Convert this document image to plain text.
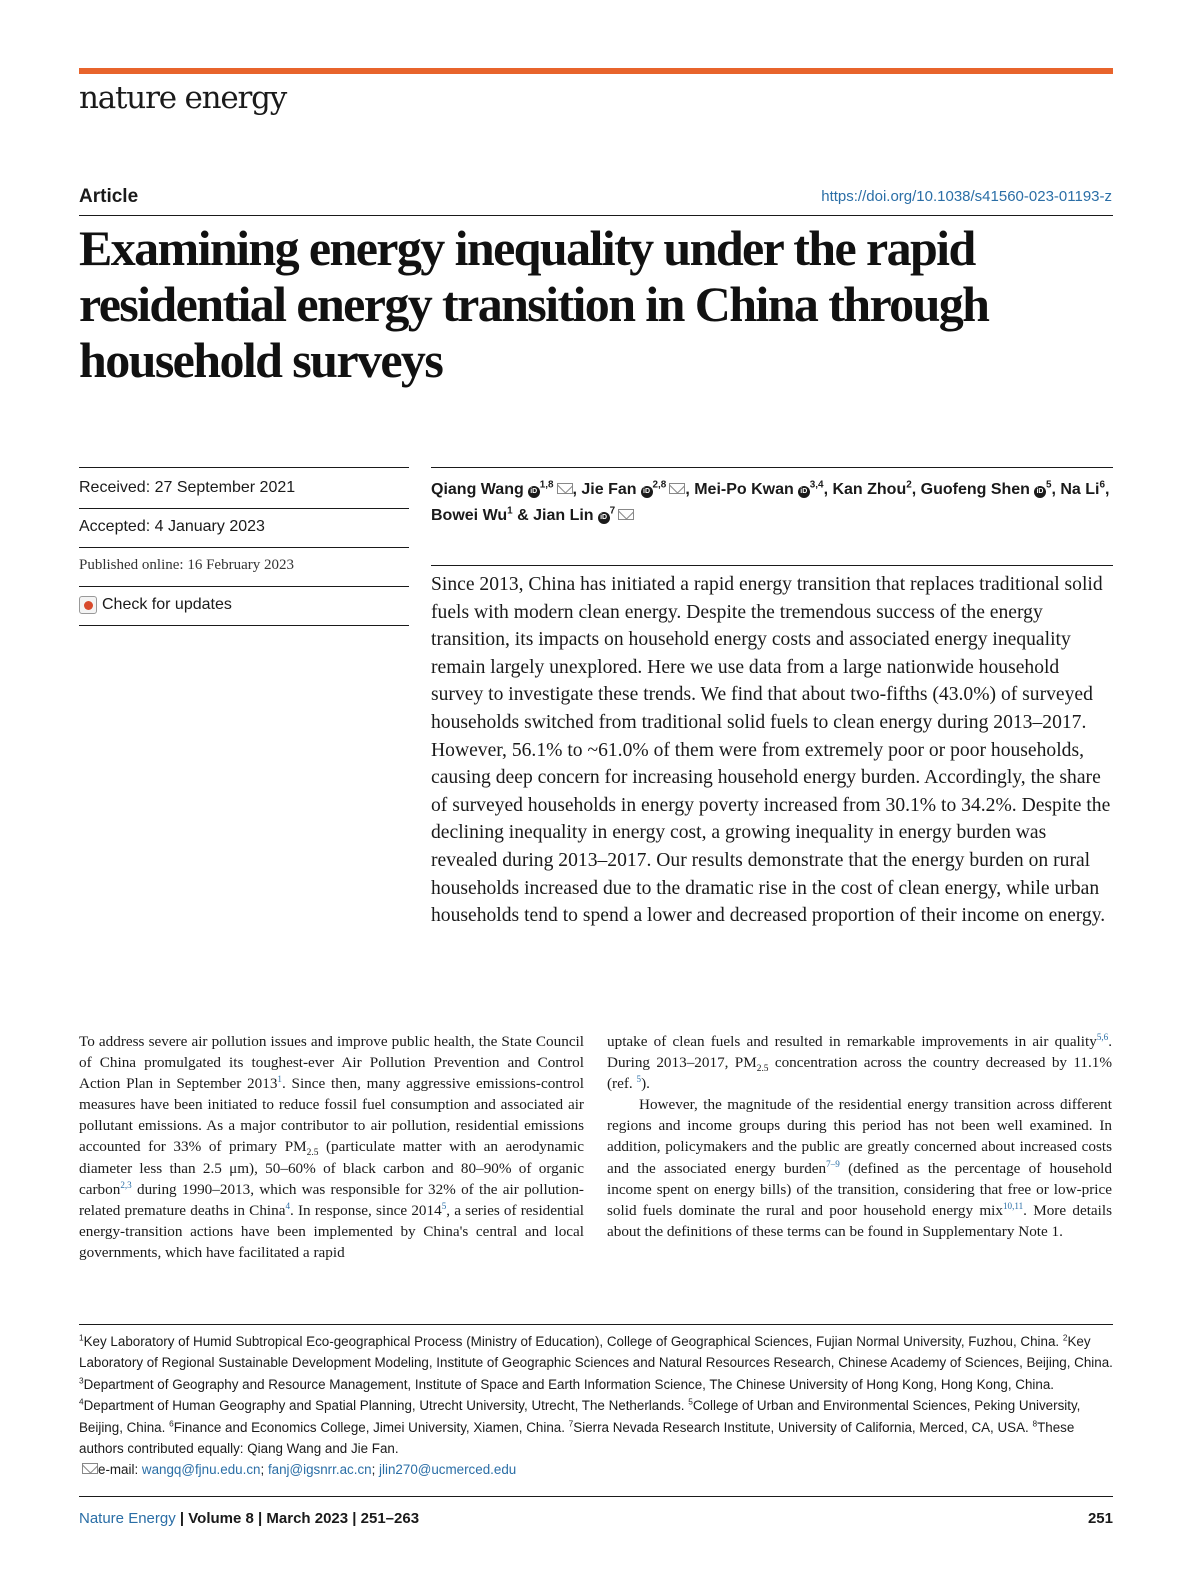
nature energy
Article	https://doi.org/10.1038/s41560-023-01193-z
Examining energy inequality under the rapid residential energy transition in China through household surveys
Received: 27 September 2021
Accepted: 4 January 2023
Published online: 16 February 2023
Check for updates
Qiang Wang iD$^{1,8}$ , Jie Fan iD$^{2,8}$ , Mei-Po Kwan iD$^{3,4}$, Kan Zhou$^2$, Guofeng Shen $iD^5$, Na Li$^6$, Bowei Wu$^1$ & Jian Lin $iD^7$

Since 2013, China has initiated a rapid energy transition that replaces traditional solid fuels with modern clean energy. Despite the tremendous success of the energy transition, its impacts on household energy costs and associated energy inequality remain largely unexplored. Here we use data from a large nationwide household survey to investigate these trends. We find that about two-fifths (43.0%) of surveyed households switched from traditional solid fuels to clean energy during 2013–2017. However, 56.1% to ~61.0% of them were from extremely poor or poor households, causing deep concern for increasing household energy burden. Accordingly, the share of surveyed households in energy poverty increased from 30.1% to 34.2%. Despite the declining inequality in energy cost, a growing inequality in energy burden was revealed during 2013–2017. Our results demonstrate that the energy burden on rural households increased due to the dramatic rise in the cost of clean energy, while urban households tend to spend a lower and decreased proportion of their income on energy.

To address severe air pollution issues and improve public health, the State Council of China promulgated its toughest-ever Air Pollution Prevention and Control Action Plan in September 2013$^1$. Since then, many aggressive emissions-control measures have been initiated to reduce fossil fuel consumption and associated air pollutant emissions. As a major contributor to air pollution, residential emissions accounted for 33% of primary $PM_{2.5}$ (particulate matter with an aerodynamic diameter less than 2.5 μm), 50–60% of black carbon and 80–90% of organic carbon$^{2,3}$ during 1990–2013, which was responsible for 32% of the air pollution-related premature deaths in China$^4$. In response, since 2014$^5$, a series of residential energy-transition actions have been implemented by China's central and local governments, which have facilitated a rapid

uptake of clean fuels and resulted in remarkable improvements in air quality$^{5,6}$. During 2013–2017, $PM_{2.5}$ concentration across the country decreased by 11.1% (ref. $^5$).

However, the magnitude of the residential energy transition across different regions and income groups during this period has not been well examined. In addition, policymakers and the public are greatly concerned about increased costs and the associated energy burden$^{7-9}$ (defined as the percentage of household income spent on energy bills) of the transition, considering that free or low-price solid fuels dominate the rural and poor household energy mix$^{10,11}$. More details about the definitions of these terms can be found in Supplementary Note 1.

$^1$Key Laboratory of Humid Subtropical Eco-geographical Process (Ministry of Education), College of Geographical Sciences, Fujian Normal University, Fuzhou, China. $^2$Key Laboratory of Regional Sustainable Development Modeling, Institute of Geographic Sciences and Natural Resources Research, Chinese Academy of Sciences, Beijing, China. $^3$Department of Geography and Resource Management, Institute of Space and Earth Information Science, The Chinese University of Hong Kong, Hong Kong, China. $^4$Department of Human Geography and Spatial Planning, Utrecht University, Utrecht, The Netherlands. $^5$College of Urban and Environmental Sciences, Peking University, Beijing, China. $^6$Finance and Economics College, Jimei University, Xiamen, China. $^7$Sierra Nevada Research Institute, University of California, Merced, CA, USA. $^8$These authors contributed equally: Qiang Wang and Jie Fan.
e-mail: wangq@fjnu.edu.cn; fanj@igsnrr.ac.cn; jlin270@ucmerced.edu

Nature Energy | Volume 8 | March 2023 | 251–263	251
